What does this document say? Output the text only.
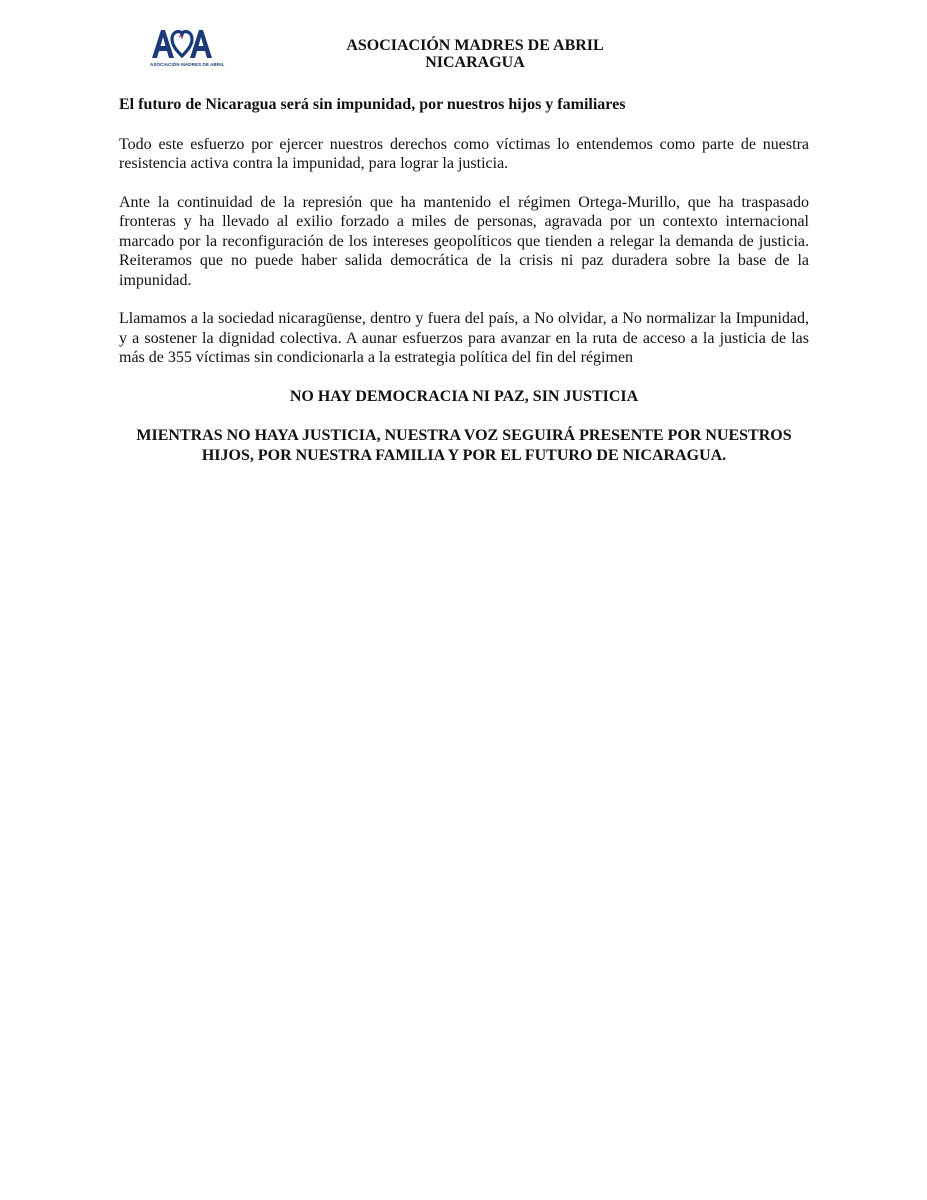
ASOCIACIÓN MADRES DE ABRIL
ASOCIACIÓN MADRES DE ABRIL
NICARAGUA
El futuro de Nicaragua será sin impunidad, por nuestros hijos y familiares

Todo este esfuerzo por ejercer nuestros derechos como víctimas lo entendemos como parte de nuestra resistencia activa contra la impunidad, para lograr la justicia.

Ante la continuidad de la represión que ha mantenido el régimen Ortega-Murillo, que ha traspasado fronteras y ha llevado al exilio forzado a miles de personas, agravada por un contexto internacional marcado por la reconfiguración de los intereses geopolíticos que tienden a relegar la demanda de justicia. Reiteramos que no puede haber salida democrática de la crisis ni paz duradera sobre la base de la impunidad.

Llamamos a la sociedad nicaragüense, dentro y fuera del país, a No olvidar, a No normalizar la Impunidad, y a sostener la dignidad colectiva. A aunar esfuerzos para avanzar en la ruta de acceso a la justicia de las más de 355 víctimas sin condicionarla a la estrategia política del fin del régimen

NO HAY DEMOCRACIA NI PAZ, SIN JUSTICIA

MIENTRAS NO HAYA JUSTICIA, NUESTRA VOZ SEGUIRÁ PRESENTE POR NUESTROS HIJOS, POR NUESTRA FAMILIA Y POR EL FUTURO DE NICARAGUA.
